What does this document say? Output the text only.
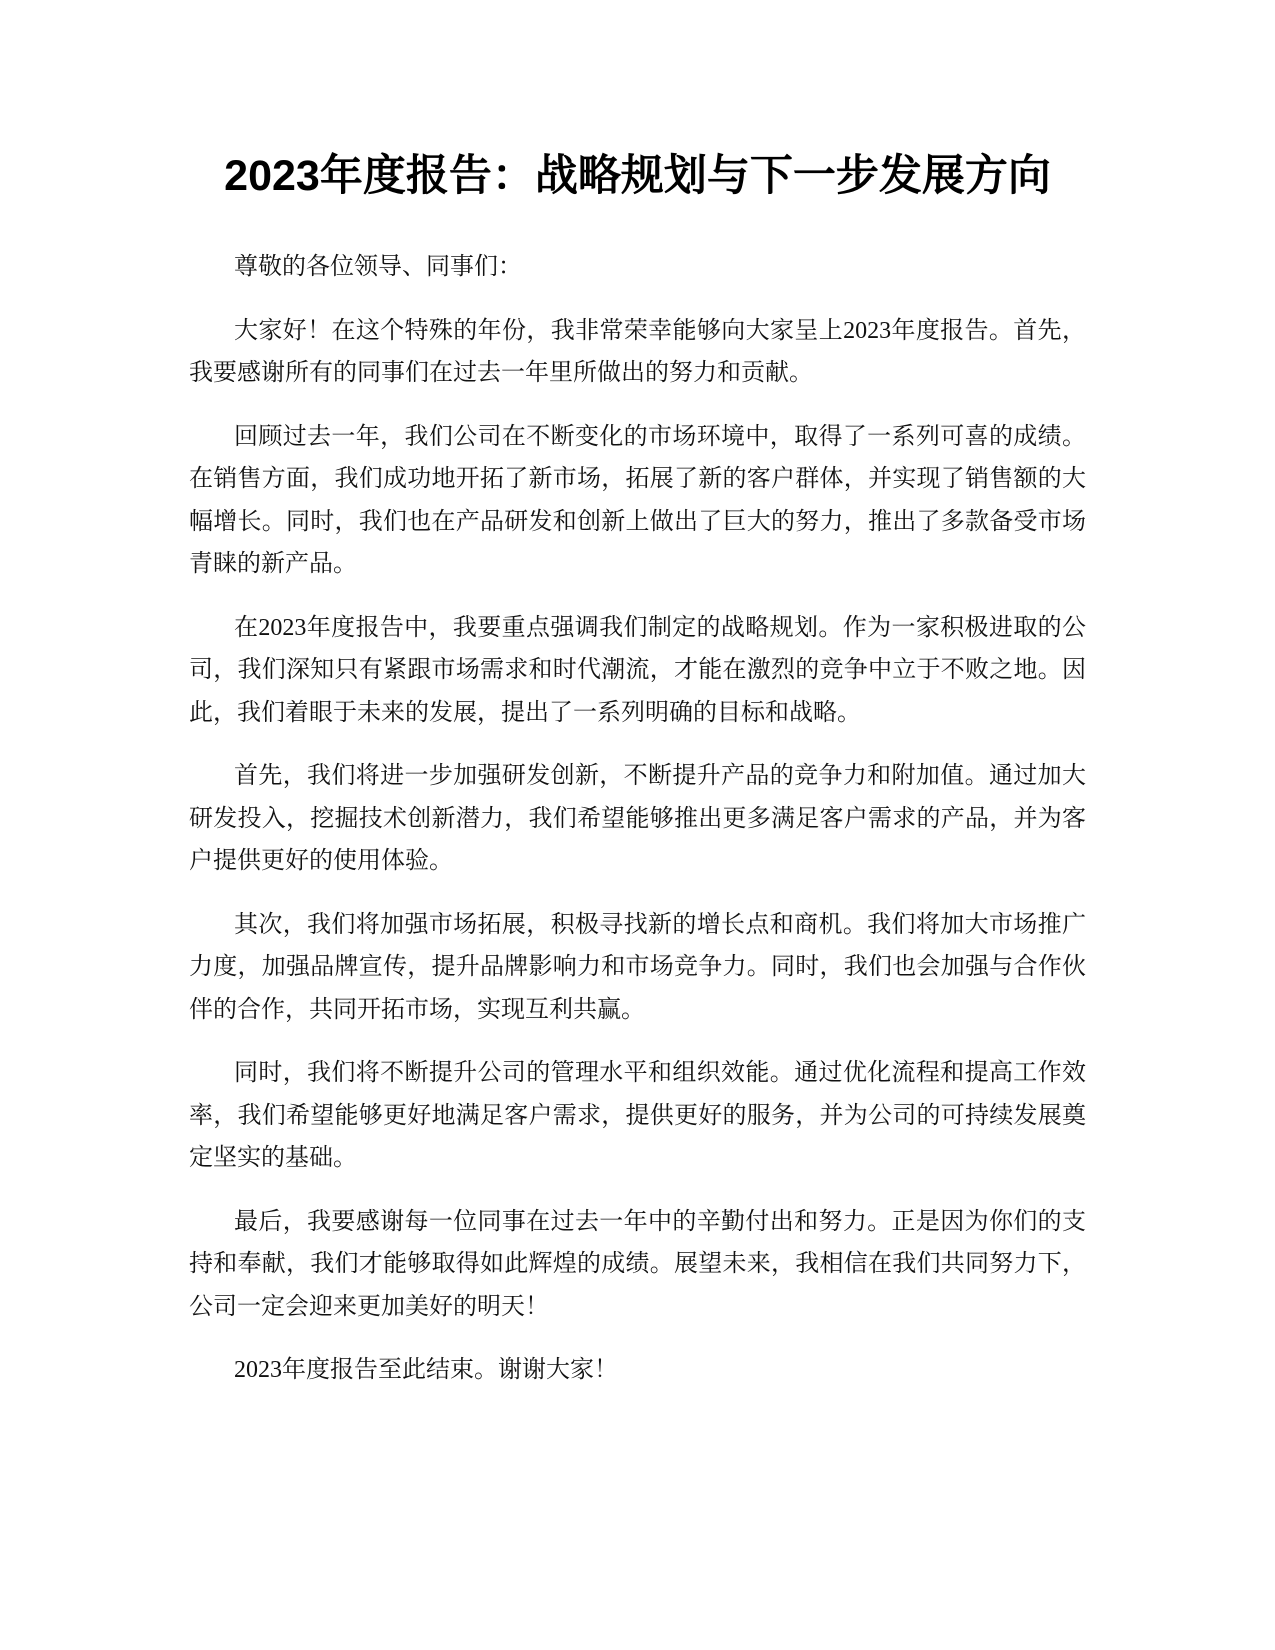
2023年度报告：战略规划与下一步发展方向

尊敬的各位领导、同事们：

大家好！在这个特殊的年份，我非常荣幸能够向大家呈上2023年度报告。首先，我要感谢所有的同事们在过去一年里所做出的努力和贡献。

回顾过去一年，我们公司在不断变化的市场环境中，取得了一系列可喜的成绩。在销售方面，我们成功地开拓了新市场，拓展了新的客户群体，并实现了销售额的大幅增长。同时，我们也在产品研发和创新上做出了巨大的努力，推出了多款备受市场青睐的新产品。

在2023年度报告中，我要重点强调我们制定的战略规划。作为一家积极进取的公司，我们深知只有紧跟市场需求和时代潮流，才能在激烈的竞争中立于不败之地。因此，我们着眼于未来的发展，提出了一系列明确的目标和战略。

首先，我们将进一步加强研发创新，不断提升产品的竞争力和附加值。通过加大研发投入，挖掘技术创新潜力，我们希望能够推出更多满足客户需求的产品，并为客户提供更好的使用体验。

其次，我们将加强市场拓展，积极寻找新的增长点和商机。我们将加大市场推广力度，加强品牌宣传，提升品牌影响力和市场竞争力。同时，我们也会加强与合作伙伴的合作，共同开拓市场，实现互利共赢。

同时，我们将不断提升公司的管理水平和组织效能。通过优化流程和提高工作效率，我们希望能够更好地满足客户需求，提供更好的服务，并为公司的可持续发展奠定坚实的基础。

最后，我要感谢每一位同事在过去一年中的辛勤付出和努力。正是因为你们的支持和奉献，我们才能够取得如此辉煌的成绩。展望未来，我相信在我们共同努力下，公司一定会迎来更加美好的明天！

2023年度报告至此结束。谢谢大家！
